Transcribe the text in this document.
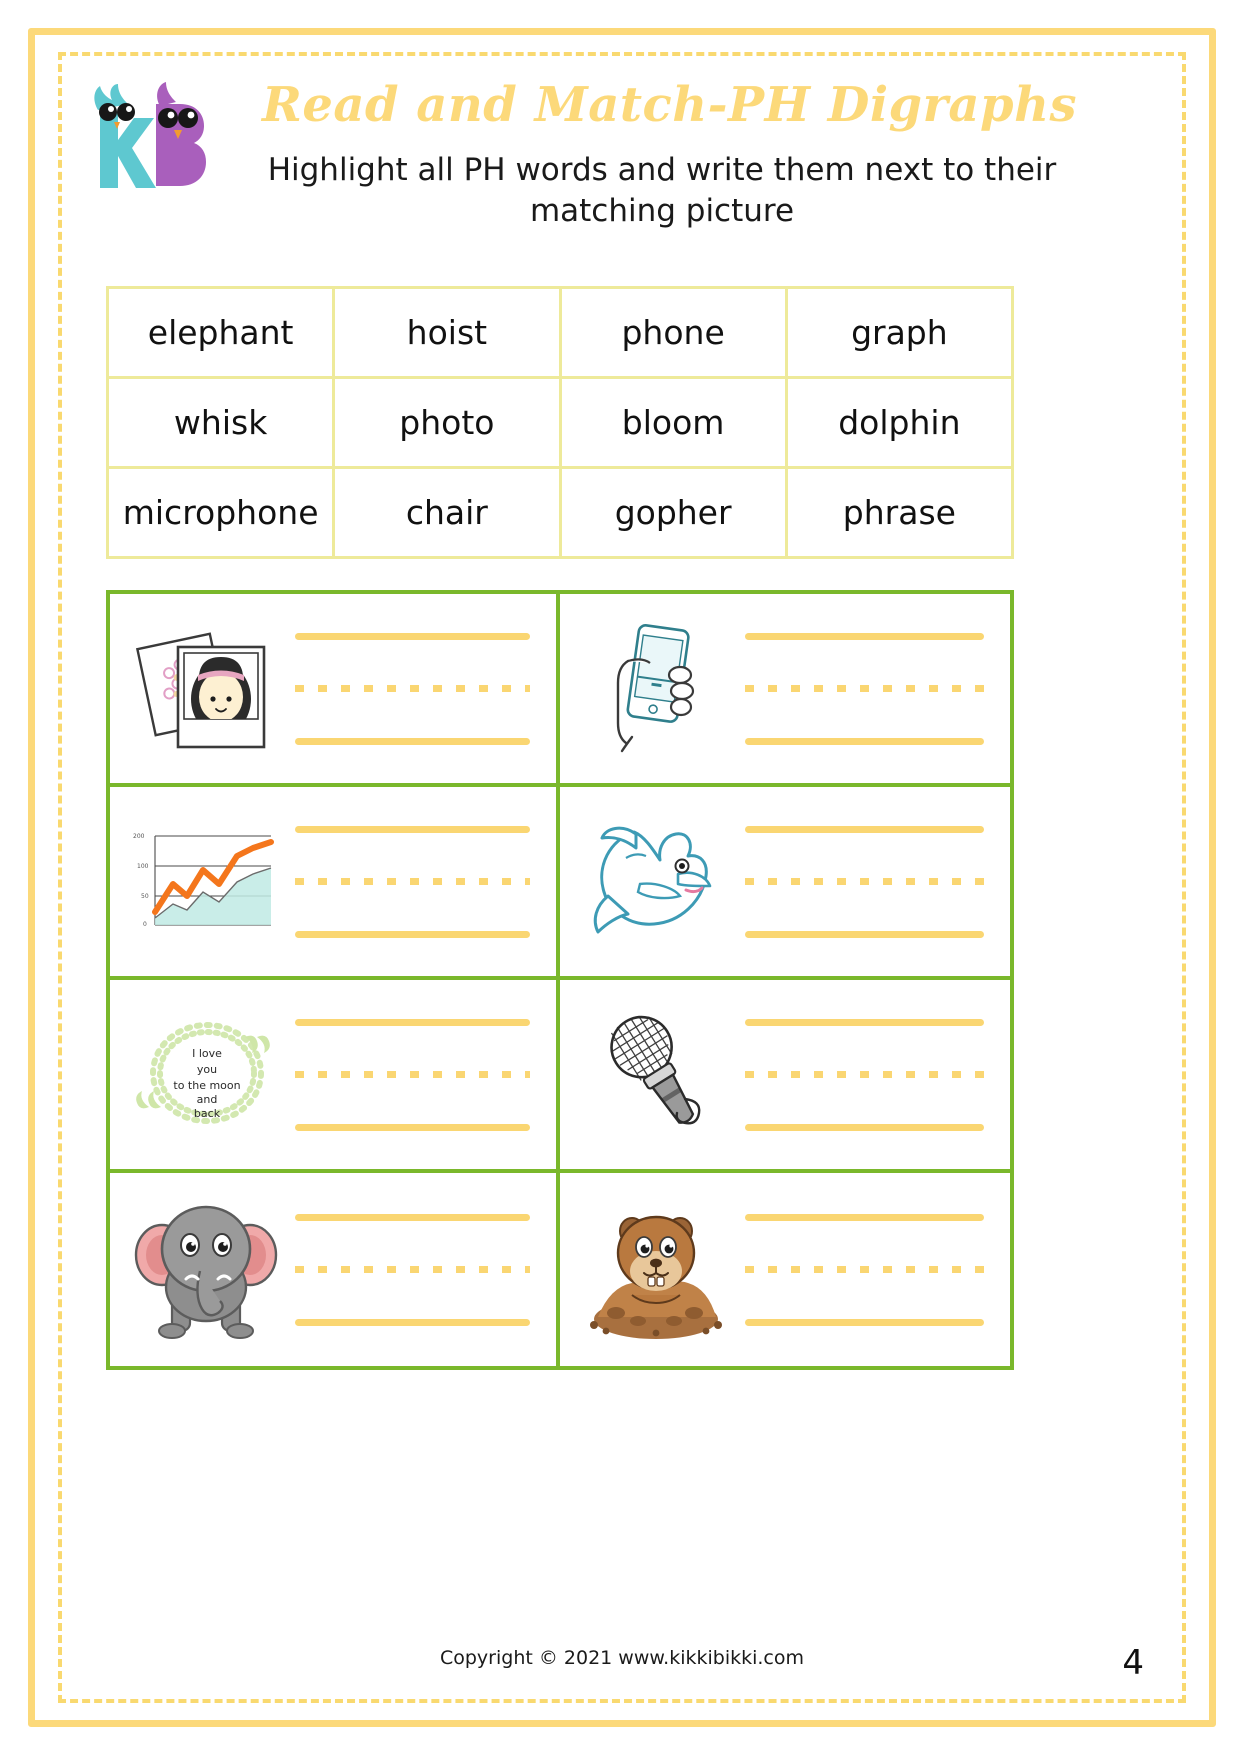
Read and Match-PH Digraphs
Highlight all PH words and write them next to their matching picture
elephant	hoist	phone	graph
whisk	photo	bloom	dolphin
microphone	chair	gopher	phrase
200
100
50
0
I love
you
to the moon
and
back
Copyright © 2021 www.kikkibikki.com	4
